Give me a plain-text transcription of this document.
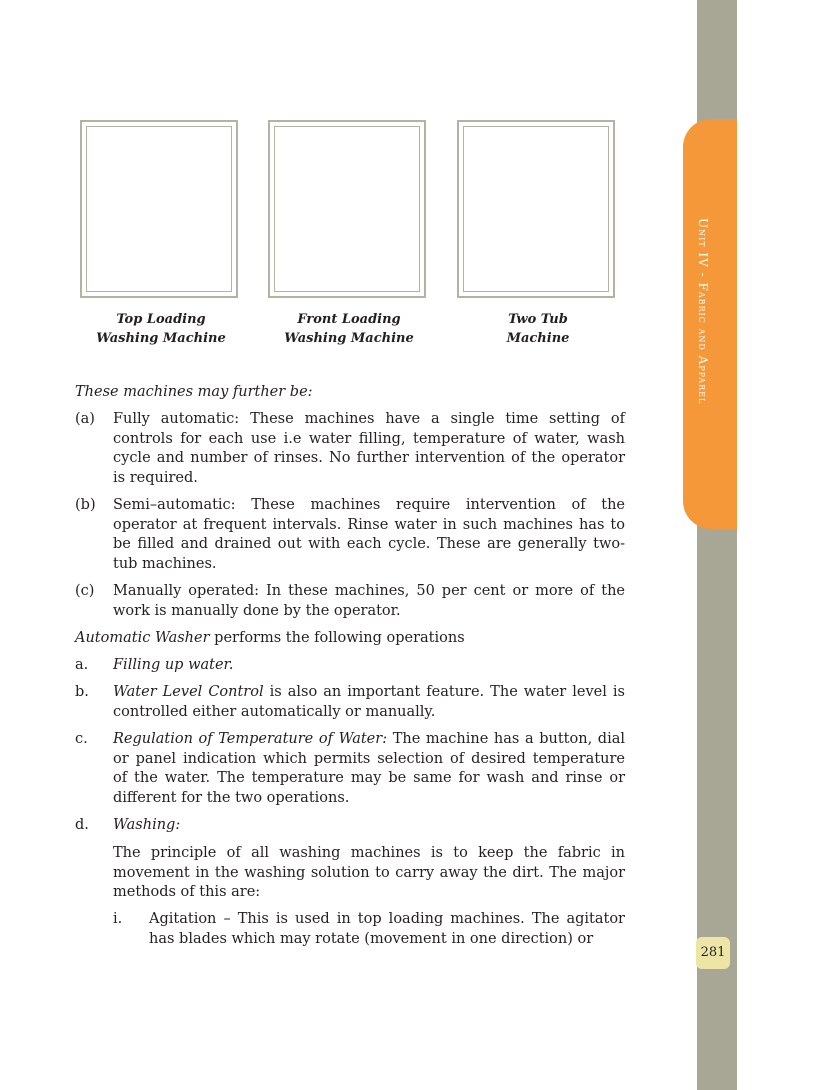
Unit IV - Fabric and Apparel
281
Top Loading
Washing Machine
Front Loading
Washing Machine
Two Tub
Machine
These machines may further be:
(a) Fully automatic: These machines have a single time setting of controls for each use i.e water filling, temperature of water, wash cycle and number of rinses. No further intervention of the operator is required.
(b) Semi–automatic: These machines require intervention of the operator at frequent intervals. Rinse water in such machines has to be filled and drained out with each cycle. These are generally two-tub machines.
(c) Manually operated: In these machines, 50 per cent or more of the work is manually done by the operator.
Automatic Washer performs the following operations
a. Filling up water.
b. Water Level Control is also an important feature. The water level is controlled either automatically or manually.
c. Regulation of Temperature of Water: The machine has a button, dial or panel indication which permits selection of desired temperature of the water. The temperature may be same for wash and rinse or different for the two operations.
d. Washing:
The principle of all washing machines is to keep the fabric in movement in the washing solution to carry away the dirt. The major methods of this are:
i. Agitation – This is used in top loading machines. The agitator has blades which may rotate (movement in one direction) or
